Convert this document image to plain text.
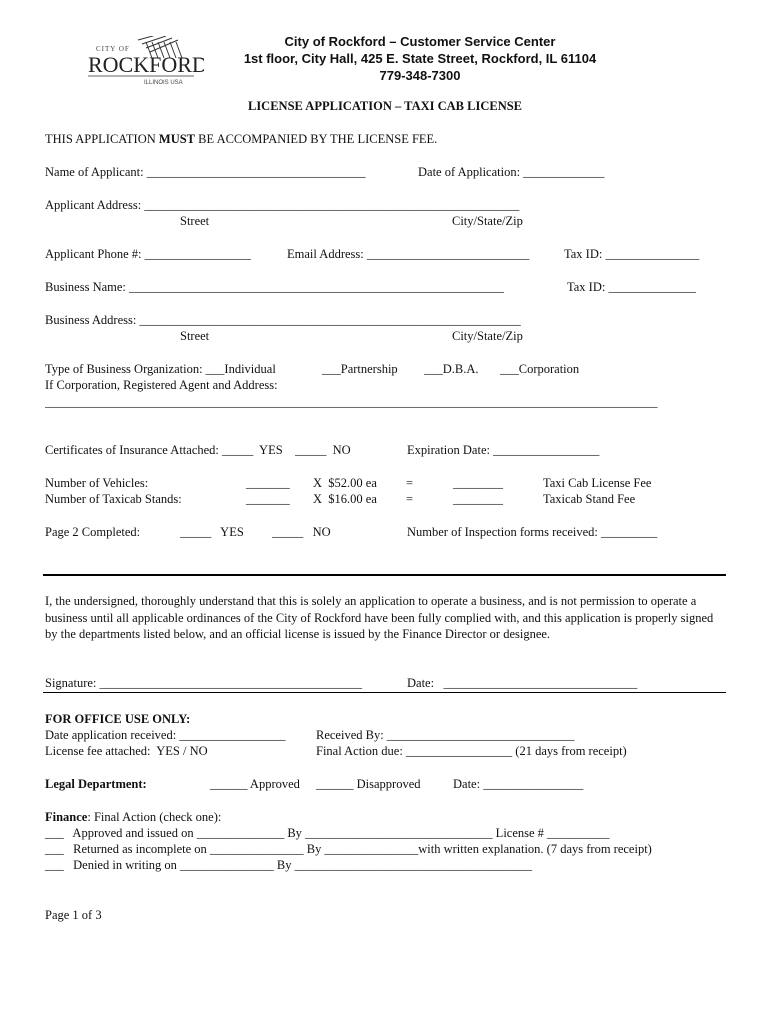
CITY OF
ROCKFORD
ILLINOIS USA
City of Rockford – Customer Service Center
1st floor, City Hall, 425 E. State Street, Rockford, IL 61104
779-348-7300
LICENSE APPLICATION – TAXI CAB LICENSE
THIS APPLICATION MUST BE ACCOMPANIED BY THE LICENSE FEE.
Name of Applicant: ___________________________________	Date of Application: _____________
Applicant Address: ____________________________________________________________
Street	City/State/Zip
Applicant Phone #: _________________	Email Address: __________________________	Tax ID: _______________
Business Name: ____________________________________________________________	Tax ID: ______________
Business Address: _____________________________________________________________
Street	City/State/Zip
Type of Business Organization: ___Individual	___Partnership ___D.B.A. ___Corporation
If Corporation, Registered Agent and Address:
__________________________________________________________________________________________________
Certificates of Insurance Attached: _____  YES    _____  NO	Expiration Date: _________________
Number of Vehicles:	_______ X  $52.00 ea =	________	Taxi Cab License Fee
Number of Taxicab Stands:	_______ X  $16.00 ea =	________	Taxicab Stand Fee
Page 2 Completed:	_____   YES _____   NO	Number of Inspection forms received: _________
I, the undersigned, thoroughly understand that this is solely an application to operate a business, and is not permission to operate a business until all applicable ordinances of the City of Rockford have been fully complied with, and this application is properly signed by the departments listed below, and an official license is issued by the Finance Director or designee.
Signature: __________________________________________	Date:   _______________________________
FOR OFFICE USE ONLY:
Date application received: _________________ Received By: ______________________________
License fee attached:  YES / NO	Final Action due: _________________ (21 days from receipt)
Legal Department:	______ Approved ______ Disapproved	Date: ________________
Finance: Final Action (check one):
___   Approved and issued on ______________ By ______________________________ License # __________
___   Returned as incomplete on _______________ By _______________with written explanation. (7 days from receipt)
___   Denied in writing on _______________ By ______________________________________
Page 1 of 3
